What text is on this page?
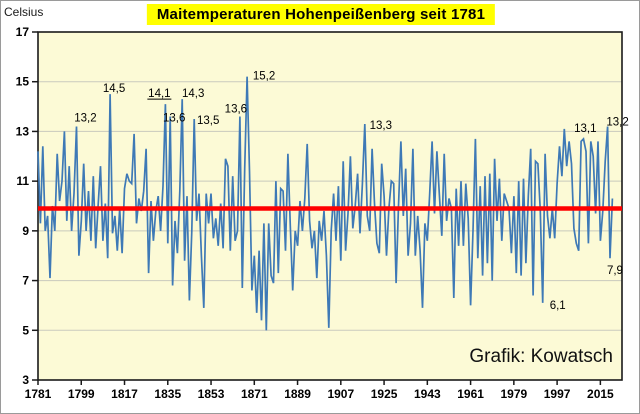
Celsius	Maitemperaturen Hohenpeißenberg seit 1781
3
5
7
9
11
13
15
17
1781 1799 1817 1835 1853 1871 1889 1907 1925 1943 1961 1979 1997 2015
13,2
14,5 14,1
13,6
14,3
13,5
13,6
15,2
13,3
6,1
13,1
13,2
7,9
Grafik: Kowatsch
